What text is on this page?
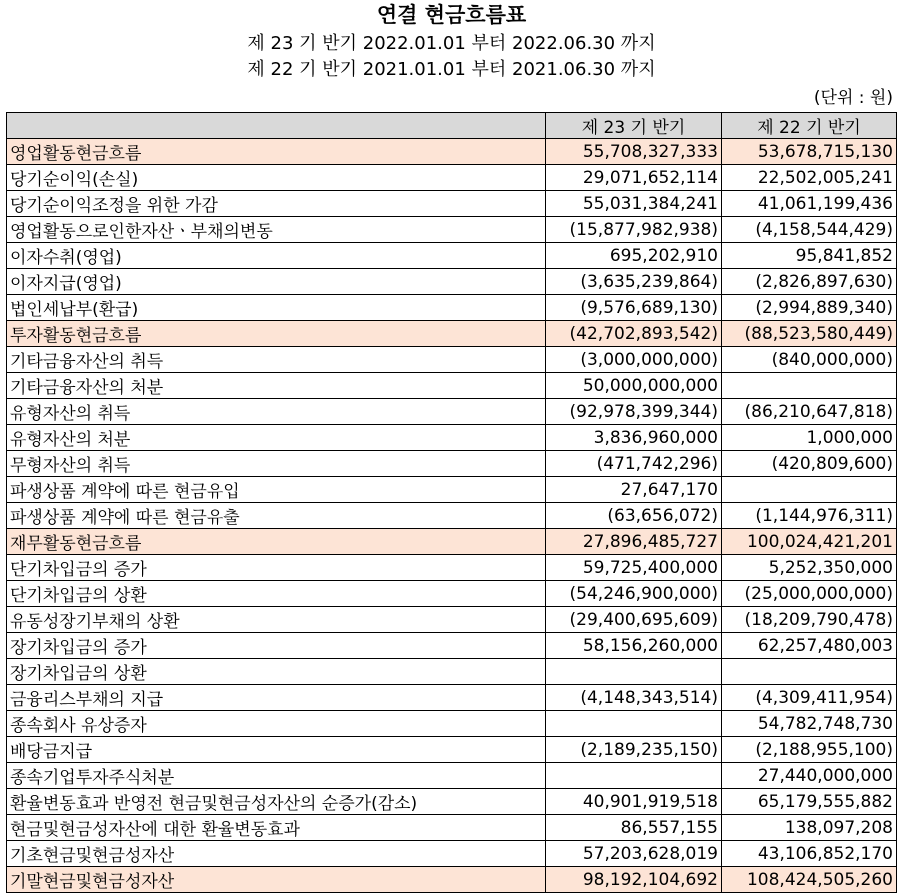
연결 현금흐름표
제 23 기 반기 2022.01.01 부터 2022.06.30 까지
제 22 기 반기 2021.01.01 부터 2021.06.30 까지
(단위 : 원)
	제 23 기 반기	제 22 기 반기
영업활동현금흐름	55,708,327,333	53,678,715,130
당기순이익(손실)	29,071,652,114	22,502,005,241
당기순이익조정을 위한 가감	55,031,384,241	41,061,199,436
영업활동으로인한자산ㆍ부채의변동	(15,877,982,938)	(4,158,544,429)
이자수취(영업)	695,202,910	95,841,852
이자지급(영업)	(3,635,239,864)	(2,826,897,630)
법인세납부(환급)	(9,576,689,130)	(2,994,889,340)
투자활동현금흐름	(42,702,893,542)	(88,523,580,449)
기타금융자산의 취득	(3,000,000,000)	(840,000,000)
기타금융자산의 처분	50,000,000,000	
유형자산의 취득	(92,978,399,344)	(86,210,647,818)
유형자산의 처분	3,836,960,000	1,000,000
무형자산의 취득	(471,742,296)	(420,809,600)
파생상품 계약에 따른 현금유입	27,647,170	
파생상품 계약에 따른 현금유출	(63,656,072)	(1,144,976,311)
재무활동현금흐름	27,896,485,727	100,024,421,201
단기차입금의 증가	59,725,400,000	5,252,350,000
단기차입금의 상환	(54,246,900,000)	(25,000,000,000)
유동성장기부채의 상환	(29,400,695,609)	(18,209,790,478)
장기차입금의 증가	58,156,260,000	62,257,480,003
장기차입금의 상환		
금융리스부채의 지급	(4,148,343,514)	(4,309,411,954)
종속회사 유상증자		54,782,748,730
배당금지급	(2,189,235,150)	(2,188,955,100)
종속기업투자주식처분		27,440,000,000
환율변동효과 반영전 현금및현금성자산의 순증가(감소)	40,901,919,518	65,179,555,882
현금및현금성자산에 대한 환율변동효과	86,557,155	138,097,208
기초현금및현금성자산	57,203,628,019	43,106,852,170
기말현금및현금성자산	98,192,104,692	108,424,505,260
